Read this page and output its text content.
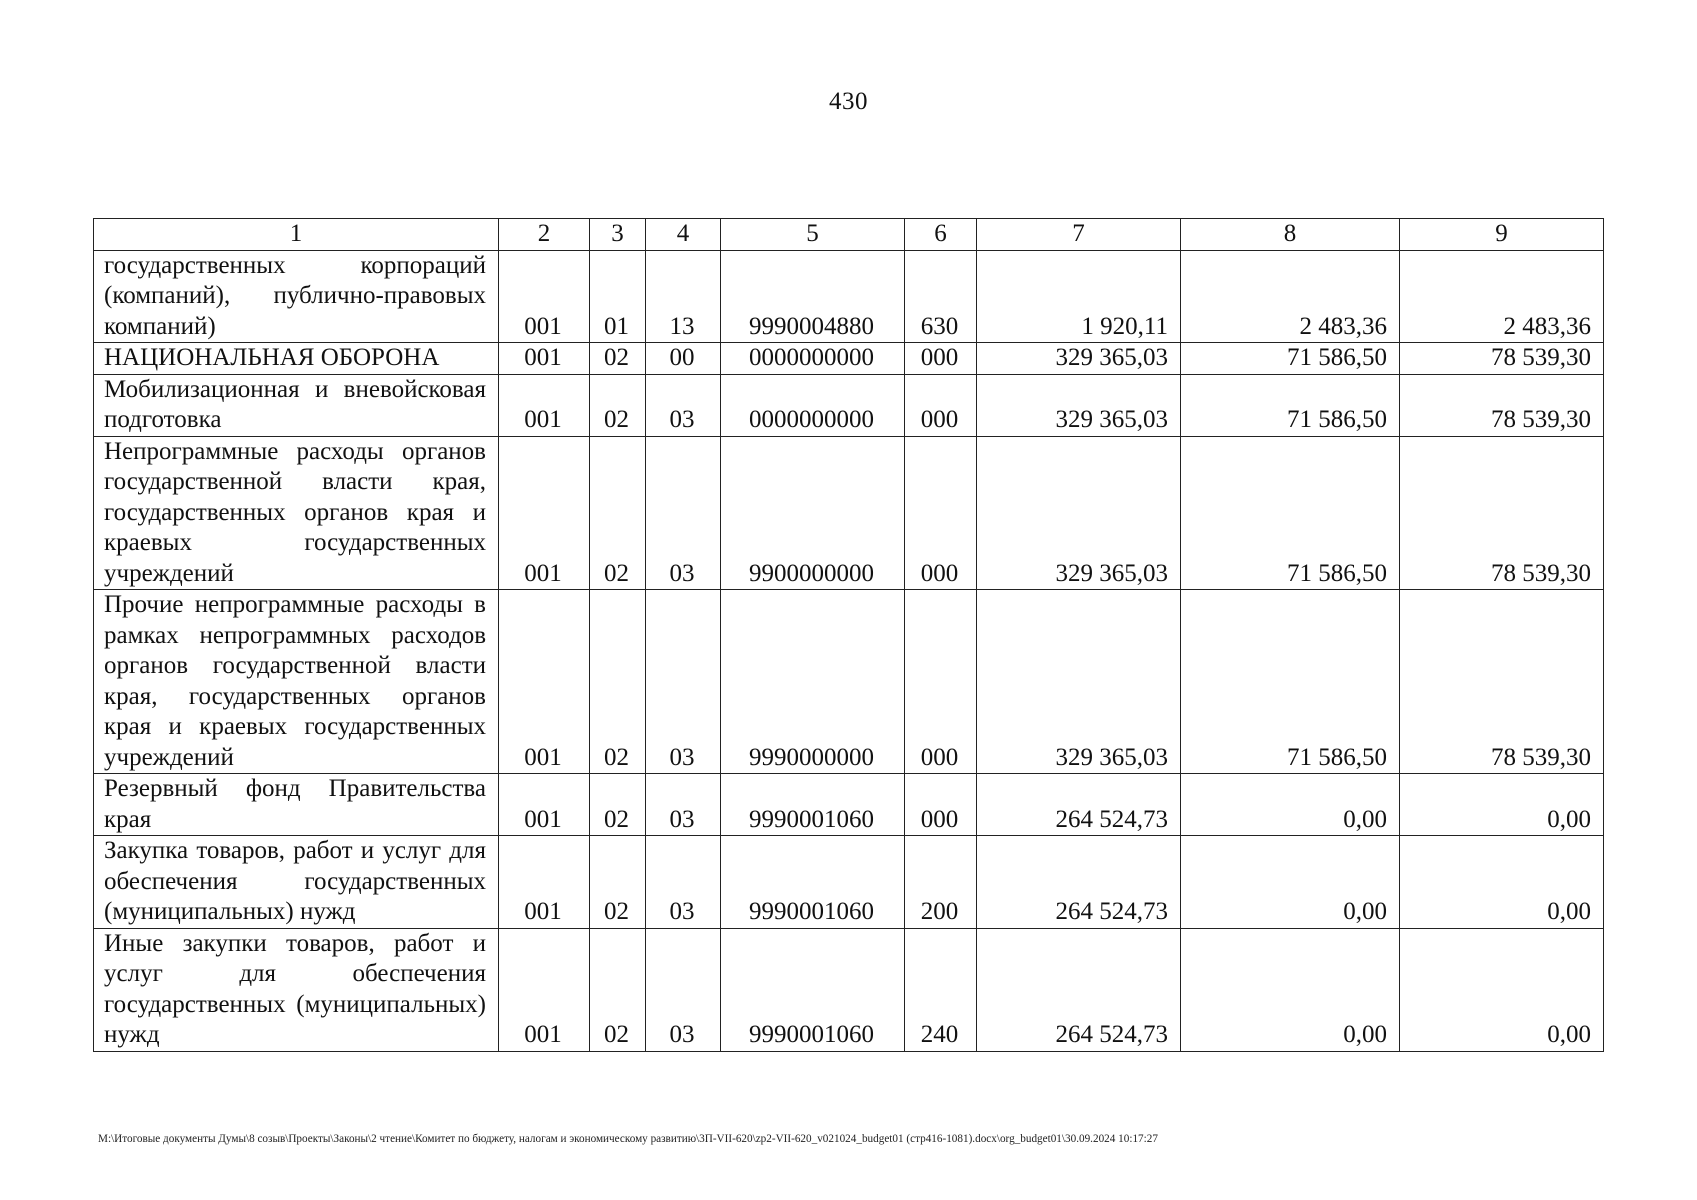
430
1	2	3	4	5	6	7	8	9
государственных корпораций (компаний), публично-правовых компаний)	001	01	13	9990004880	630	1 920,11	2 483,36	2 483,36
НАЦИОНАЛЬНАЯ ОБОРОНА	001	02	00	0000000000	000	329 365,03	71 586,50	78 539,30
Мобилизационная и вневойсковая подготовка	001	02	03	0000000000	000	329 365,03	71 586,50	78 539,30
Непрограммные расходы органов государственной власти края, государственных органов края и краевых государственных учреждений	001	02	03	9900000000	000	329 365,03	71 586,50	78 539,30
Прочие непрограммные расходы в рамках непрограммных расходов органов государственной власти края, государственных органов края и краевых государственных учреждений	001	02	03	9990000000	000	329 365,03	71 586,50	78 539,30
Резервный фонд Правительства края	001	02	03	9990001060	000	264 524,73	0,00	0,00
Закупка товаров, работ и услуг для обеспечения государственных (муниципальных) нужд	001	02	03	9990001060	200	264 524,73	0,00	0,00
Иные закупки товаров, работ и услуг для обеспечения государственных (муниципальных) нужд	001	02	03	9990001060	240	264 524,73	0,00	0,00
M:\Итоговые документы Думы\8 созыв\Проекты\Законы\2 чтение\Комитет по бюджету, налогам и экономическому развитию\3П-VII-620\zp2-VII-620_v021024_budget01 (стр416-1081).docx\org_budget01\30.09.2024 10:17:27
